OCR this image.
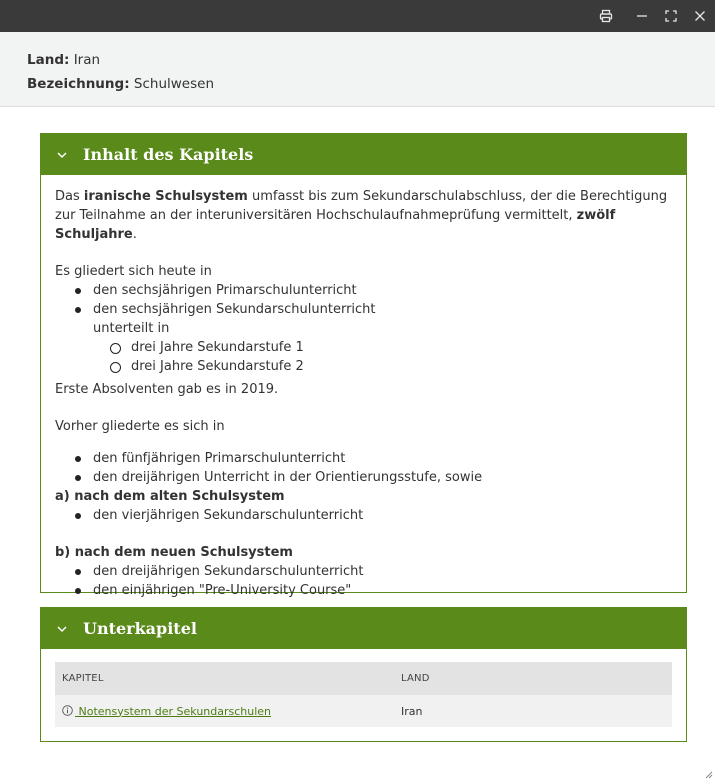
Land: Iran
Bezeichnung: Schulwesen
Inhalt des Kapitels

Das iranische Schulsystem umfasst bis zum Sekundarschulabschluss, der die Berechtigung zur Teilnahme an der interuniversitären Hochschulaufnahmeprüfung vermittelt, zwölf Schuljahre.

Es gliedert sich heute in

den sechsjährigen Primarschulunterricht
den sechsjährigen Sekundarschulunterricht

unterteilt in

drei Jahre Sekundarstufe 1
drei Jahre Sekundarstufe 2

Erste Absolventen gab es in 2019.

Vorher gliederte es sich in

den fünfjährigen Primarschulunterricht
den dreijährigen Unterricht in der Orientierungsstufe, sowie

a) nach dem alten Schulsystem

den vierjährigen Sekundarschulunterricht

b) nach dem neuen Schulsystem

den dreijährigen Sekundarschulunterricht
den einjährigen "Pre-University Course"
Unterkapitel
KAPITEL	LAND
Notensystem der Sekundarschulen	Iran
